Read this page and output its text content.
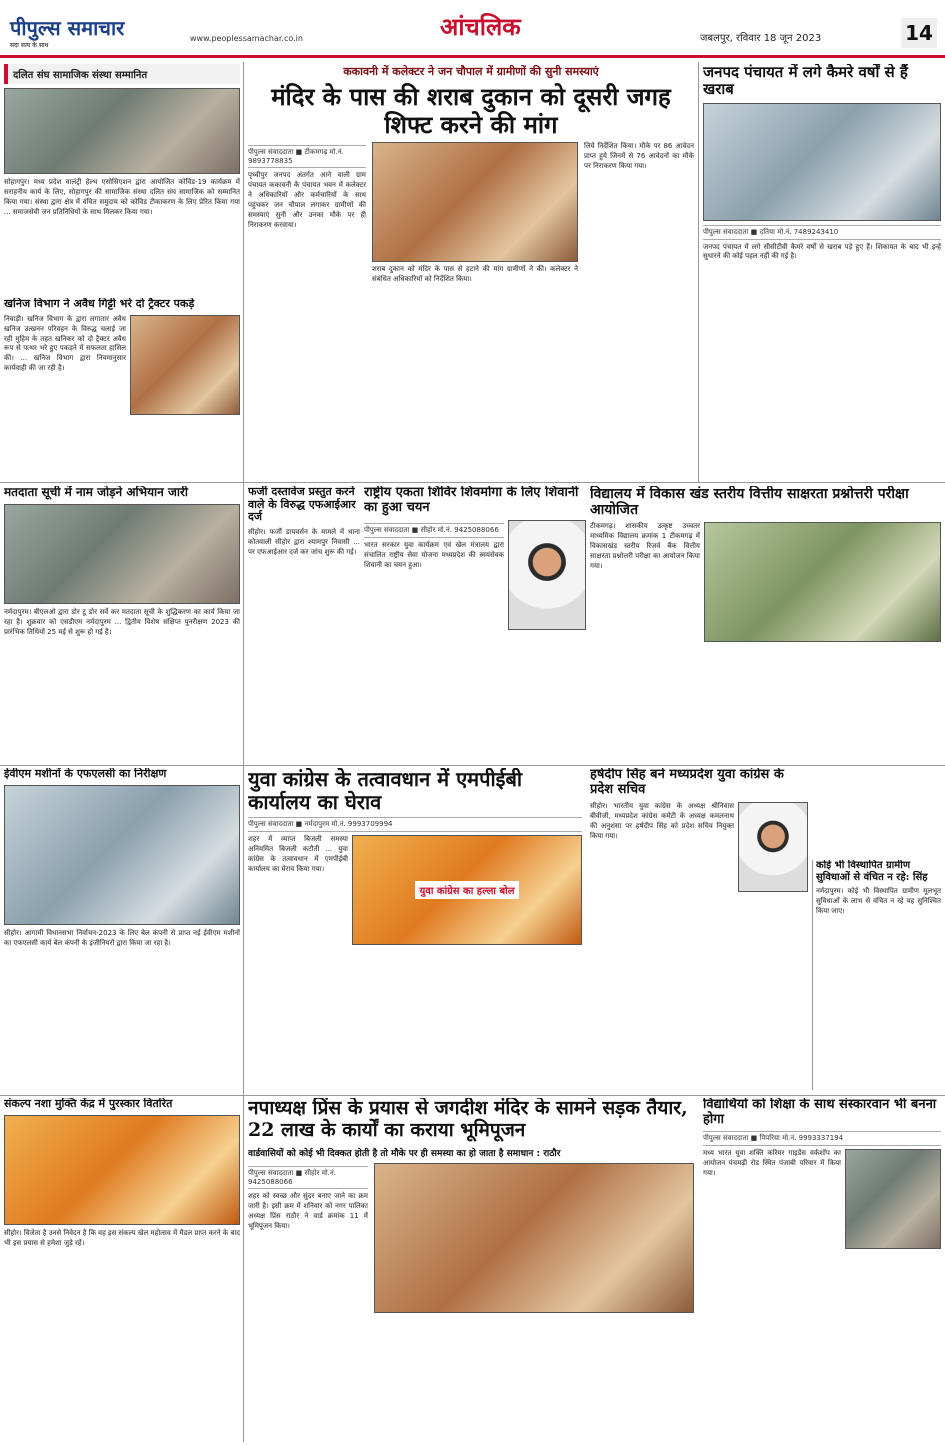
पीपुल्स समाचार
सदा सत्य के साथ
www.peoplessamachar.co.in	आंचलिक	जबलपुर, रविवार 18 जून 2023	14
दलित संघ सामाजिक संस्था सम्मानित
सोहागपुर। मध्य प्रदेश वालंट्री हेल्थ एसोसिएशन द्वारा आयोजित कोविड-19 कार्यक्रम में सराहनीय कार्य के लिए, सोहागपुर की सामाजिक संस्था दलित संघ सामाजिक को सम्मानित किया गया। संस्था द्वारा क्षेत्र में वंचित समुदाय को कोविड टीकाकरण के लिए प्रेरित किया गया ... समाजसेवी जन प्रतिनिधियों के साथ मिलकर किया गया।
खनिज विभाग ने अवैध गिट्टी भरे दो ट्रैक्टर पकड़े
निवाड़ी। खनिज विभाग के द्वारा लगातार अवैध खनिज उत्खनन परिवहन के विरुद्ध चलाई जा रही मुहिम के तहत खनिकर को दो ट्रैक्टर अवैध रूप से पत्थर भरे हुए पकड़ने में सफलता हासिल की। ... खनिज विभाग द्वारा नियमानुसार कार्यवाही की जा रही है।
ककावनी में कलेक्टर ने जन चौपाल में ग्रामीणों की सुनी समस्याएं
मंदिर के पास की शराब दुकान को दूसरी जगह शिफ्ट करने की मांग
पीपुल्स संवाददाता ■ टीकमगढ़ मो.नं. 9893778835
पृथ्वीपुर जनपद अंतर्गत आने वाली ग्राम पंचायत ककावनी के पंचायत भवन में कलेक्टर ने अधिकारियों और कर्मचारियों के साथ पहुंचकर जन चौपाल लगाकर ग्रामीणों की समस्याएं सुनी और उनका मौके पर ही निराकरण करवाया।
शराब दुकान को मंदिर के पास से हटाने की मांग ग्रामीणों ने की। कलेक्टर ने संबंधित अधिकारियों को निर्देशित किया।
लिये निर्देशित किया। मौके पर 86 आवेदन प्राप्त हुये जिनमें से 76 आवेदनों का मौके पर निराकरण किया गया।
जनपद पंचायत में लगे कैमरे वर्षों से हैं खराब
पीपुल्स संवाददाता ■ दतिया मो.नं. 7489243410
जनपद पंचायत में लगे सीसीटीवी कैमरे वर्षों से खराब पड़े हुए हैं। शिकायत के बाद भी इन्हें सुधारने की कोई पहल नहीं की गई है।
मतदाता सूची में नाम जोड़ने अभियान जारी
नर्मदापुरम। बीएलओ द्वारा डोर टू डोर सर्वे कर मतदाता सूची के शुद्धिकरण का कार्य किया जा रहा है। शुक्रवार को एसडीएम नर्मदापुरम ... द्वितीय विशेष संक्षिप्त पुनरीक्षण 2023 की प्रारंभिक तिथियों 25 मई से शुरू हो गई है।
फर्जी दस्तावेज प्रस्तुत करने वाले के विरुद्ध एफआईआर दर्ज
सीहोर। फर्जी डायवर्सन के मामले में थाना कोतवाली सीहोर द्वारा श्यामपुर निवासी ... पर एफआईआर दर्ज कर जांच शुरू की गई।
राष्ट्रीय एकता शिविर शिवमोगा के लिए शिवानी का हुआ चयन
पीपुल्स संवाददाता ■ सीहोर मो.नं. 9425088066
भारत सरकार युवा कार्यक्रम एवं खेल मंत्रालय द्वारा संचालित राष्ट्रीय सेवा योजना मध्यप्रदेश की स्वयंसेवक शिवानी का चयन हुआ।
विद्यालय में विकास खंड स्तरीय वित्तीय साक्षरता प्रश्नोत्तरी परीक्षा आयोजित
टीकमगढ़। शासकीय उत्कृष्ट उच्चतर माध्यमिक विद्यालय क्रमांक 1 टीकमगढ़ में विकासखंड स्तरीय रिजर्व बैंक वित्तीय साक्षरता प्रश्नोत्तरी परीक्षा का आयोजन किया गया।
ईवीएम मशीनों के एफएलसी का निरीक्षण
सीहोर। आगामी विधानसभा निर्वाचन-2023 के लिए बेल कंपनी से प्राप्त नई ईवीएम मशीनों का एफएलसी कार्य बेल कंपनी के इंजीनियरों द्वारा किया जा रहा है।
युवा कांग्रेस के तत्वावधान में एमपीईबी कार्यालय का घेराव
पीपुल्स संवाददाता ■ नर्मदापुरम मो.नं. 9993709994
शहर में व्याप्त बिजली समस्या अनियमित बिजली कटौती ... युवा कांग्रेस के तत्वावधान में एमपीईबी कार्यालय का घेराव किया गया।
युवा कांग्रेस का हल्ला बोल
हर्षदीप सिंह बने मध्यप्रदेश युवा कांग्रेस के प्रदेश सचिव
सीहोर। भारतीय युवा कांग्रेस के अध्यक्ष श्रीनिवास बीवीजी, मध्यप्रदेश कांग्रेस कमेटी के अध्यक्ष कमलनाथ की अनुशंसा पर हर्षदीप सिंह को प्रदेश सचिव नियुक्त किया गया।
कोई भी विस्थापित ग्रामीण सुविधाओं से वंचित न रहे: सिंह
नर्मदापुरम। कोई भी विस्थापित ग्रामीण मूलभूत सुविधाओं के लाभ से वंचित न रहे यह सुनिश्चित किया जाए।
संकल्प नशा मुक्ति केंद्र में पुरस्कार वितरित
सीहोर। विजेता है उनसे निवेदन है कि वह इस संकल्प खेल महोत्सव में मैडल प्राप्त करने के बाद भी इस प्रयास से हमेशा जुड़े रहें।
नपाध्यक्ष प्रिंस के प्रयास से जगदीश मंदिर के सामने सड़क तैयार, 22 लाख के कार्यों का कराया भूमिपूजन
वार्डवासियों को कोई भी दिक्कत होती है तो मौके पर ही समस्या का हो जाता है समाधान : राठौर
पीपुल्स संवाददाता ■ सीहोर मो.नं. 9425088066
शहर को स्वच्छ और सुंदर बनाए जाने का क्रम जारी है। इसी क्रम में शनिवार को नगर पालिका अध्यक्ष प्रिंस राठौर ने वार्ड क्रमांक 11 में भूमिपूजन किया।
विद्यार्थियों को शिक्षा के साथ संस्कारवान भी बनना होगा
पीपुल्स संवाददाता ■ पिपरिया मो.नं. 9993337194
मध्य भारत युवा शक्ति करियर गाइडेंस वर्कशॉप का आयोजन पंचमढ़ी रोड स्थित पंजाबी परिवार में किया गया।
